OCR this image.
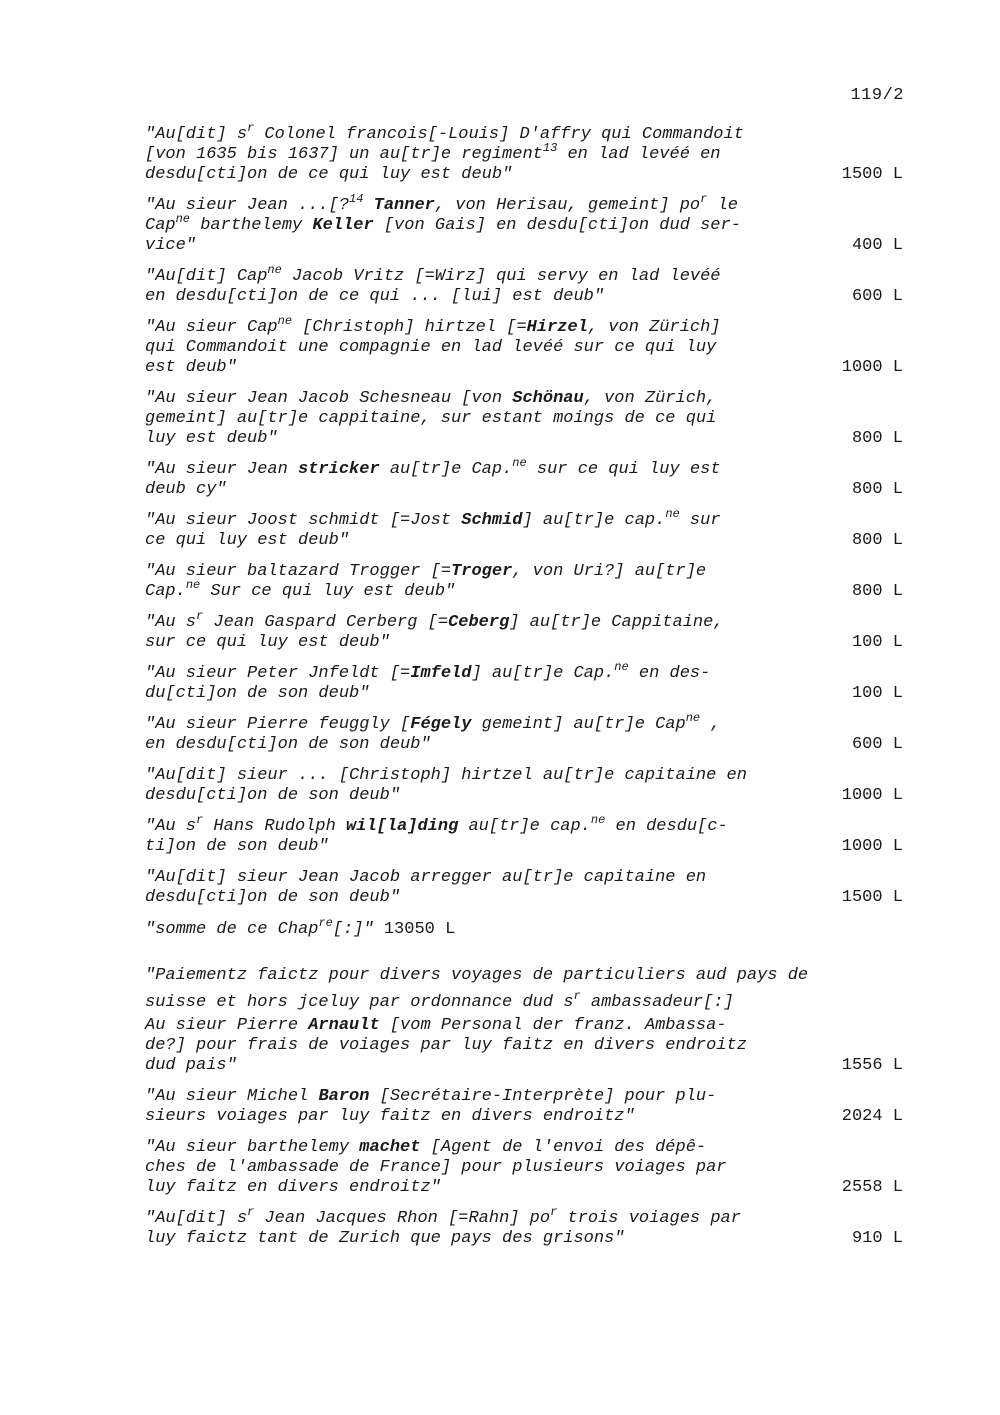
119/2
"Au[dit] $s^r$ Colonel francois[-Louis] D'affry qui Commandoit
[von 1635 bis 1637] un au[tr]e regiment$^{13}$ en lad levéé en
desdu[cti]on de ce qui luy est deub"	1500 L
"Au sieur Jean ...[?$^{14}$ Tanner, von Herisau, gemeint] $po^r$ le
Cap$^{ne}$ barthelemy Keller [von Gais] en desdu[cti]on dud ser-
vice"	400 L
"Au[dit] Cap$^{ne}$ Jacob Vritz [=Wirz] qui servy en lad levéé
en desdu[cti]on de ce qui ... [lui] est deub"	600 L
"Au sieur Cap$^{ne}$ [Christoph] hirtzel [=Hirzel, von Zürich]
qui Commandoit une compagnie en lad levéé sur ce qui luy
est deub"	1000 L
"Au sieur Jean Jacob Schesneau [von Schönau, von Zürich,
gemeint] au[tr]e cappitaine, sur estant moings de ce qui
luy est deub"	800 L
"Au sieur Jean stricker au[tr]e Cap.$^{ne}$ sur ce qui luy est
deub cy"	800 L
"Au sieur Joost schmidt [=Jost Schmid] au[tr]e cap.$^{ne}$ sur
ce qui luy est deub"	800 L
"Au sieur baltazard Trogger [=Troger, von Uri?] au[tr]e
Cap.$^{ne}$ Sur ce qui luy est deub"	800 L
"Au $s^r$ Jean Gaspard Cerberg [=Ceberg] au[tr]e Cappitaine,
sur ce qui luy est deub"	100 L
"Au sieur Peter Jnfeldt [=Imfeld] au[tr]e Cap.$^{ne}$ en des-
du[cti]on de son deub"	100 L
"Au sieur Pierre feuggly [Fégely gemeint] au[tr]e Cap$^{ne}$ ,
en desdu[cti]on de son deub"	600 L
"Au[dit] sieur ... [Christoph] hirtzel au[tr]e capitaine en
desdu[cti]on de son deub"	1000 L
"Au $s^r$ Hans Rudolph wil[la]ding au[tr]e cap.$^{ne}$ en desdu[c-
ti]on de son deub"	1000 L
"Au[dit] sieur Jean Jacob arregger au[tr]e capitaine en
desdu[cti]on de son deub"	1500 L
"somme de ce Chap$^{re}$[:]" 13050 L
"Paiementz faictz pour divers voyages de particuliers aud pays de
suisse et hors jceluy par ordonnance dud $s^r$ ambassadeur[:]
Au sieur Pierre Arnault [vom Personal der franz. Ambassa-
de?] pour frais de voiages par luy faitz en divers endroitz
dud pais"	1556 L
"Au sieur Michel Baron [Secrétaire-Interprète] pour plu-
sieurs voiages par luy faitz en divers endroitz"	2024 L
"Au sieur barthelemy machet [Agent de l'envoi des dépê-
ches de l'ambassade de France] pour plusieurs voiages par
luy faitz en divers endroitz"	2558 L
"Au[dit] $s^r$ Jean Jacques Rhon [=Rahn] $po^r$ trois voiages par
luy faictz tant de Zurich que pays des grisons"	910 L
